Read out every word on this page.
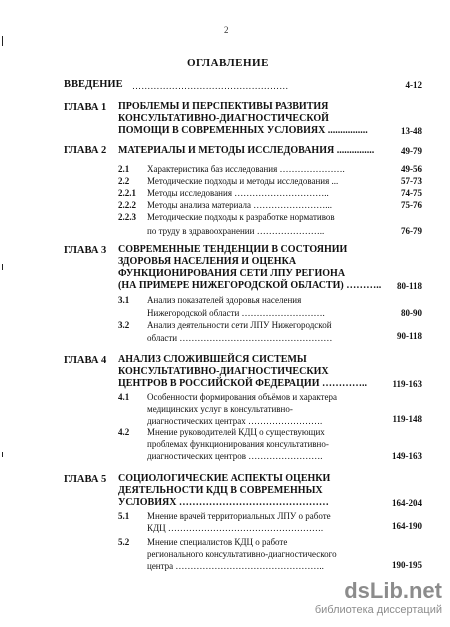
2
ОГЛАВЛЕНИЕ
ВВЕДЕНИЕ ……………………………………………	4-12
ГЛАВА 1 ПРОБЛЕМЫ И ПЕРСПЕКТИВЫ РАЗВИТИЯ
КОНСУЛЬТАТИВНО-ДИАГНОСТИЧЕСКОЙ
ПОМОЩИ В СОВРЕМЕННЫХ УСЛОВИЯХ ................	13-48
ГЛАВА 2 МАТЕРИАЛЫ И МЕТОДЫ ИССЛЕДОВАНИЯ ...............	49-79
2.1 Характеристика баз исследования ………………….	49-56
2.2 Методические подходы и методы исследования ...	57-73
2.2.1 Методы исследования …………………………..	74-75
2.2.2 Методы анализа материала ……………………...	75-76
2.2.3 Методические подходы к разработке нормативов
по труду в здравоохранении …………………..	76-79
ГЛАВА 3 СОВРЕМЕННЫЕ ТЕНДЕНЦИИ В СОСТОЯНИИ
ЗДОРОВЬЯ НАСЕЛЕНИЯ И ОЦЕНКА
ФУНКЦИОНИРОВАНИЯ СЕТИ ЛПУ РЕГИОНА
(НА ПРИМЕРЕ НИЖЕГОРОДСКОЙ ОБЛАСТИ) ……….. 80-118
3.1 Анализ показателей здоровья населения
Нижегородской области ……………………….	80-90
3.2 Анализ деятельности сети ЛПУ Нижегородской
области ……………………………………………	90-118
ГЛАВА 4 АНАЛИЗ СЛОЖИВШЕЙСЯ СИСТЕМЫ
КОНСУЛЬТАТИВНО-ДИАГНОСТИЧЕСКИХ
ЦЕНТРОВ В РОССИЙСКОЙ ФЕДЕРАЦИИ …………..	119-163
4.1 Особенности формирования объёмов и характера
медицинских услуг в консультативно-
диагностических центрах …………………….	119-148
4.2 Мнение руководителей КДЦ о существующих
проблемах функционирования консультативно-
диагностических центров …………………….	149-163
ГЛАВА 5 СОЦИОЛОГИЧЕСКИЕ АСПЕКТЫ ОЦЕНКИ
ДЕЯТЕЛЬНОСТИ КДЦ В СОВРЕМЕННЫХ
УСЛОВИЯХ ………………………………………	164-204
5.1 Мнение врачей территориальных ЛПУ о работе
КДЦ …………………………………………….	164-190
5.2 Мнение специалистов КДЦ о работе
регионального консультативно-диагностического
центра …………………………………………..	190-195
dsLib.net
библиотека диссертаций
